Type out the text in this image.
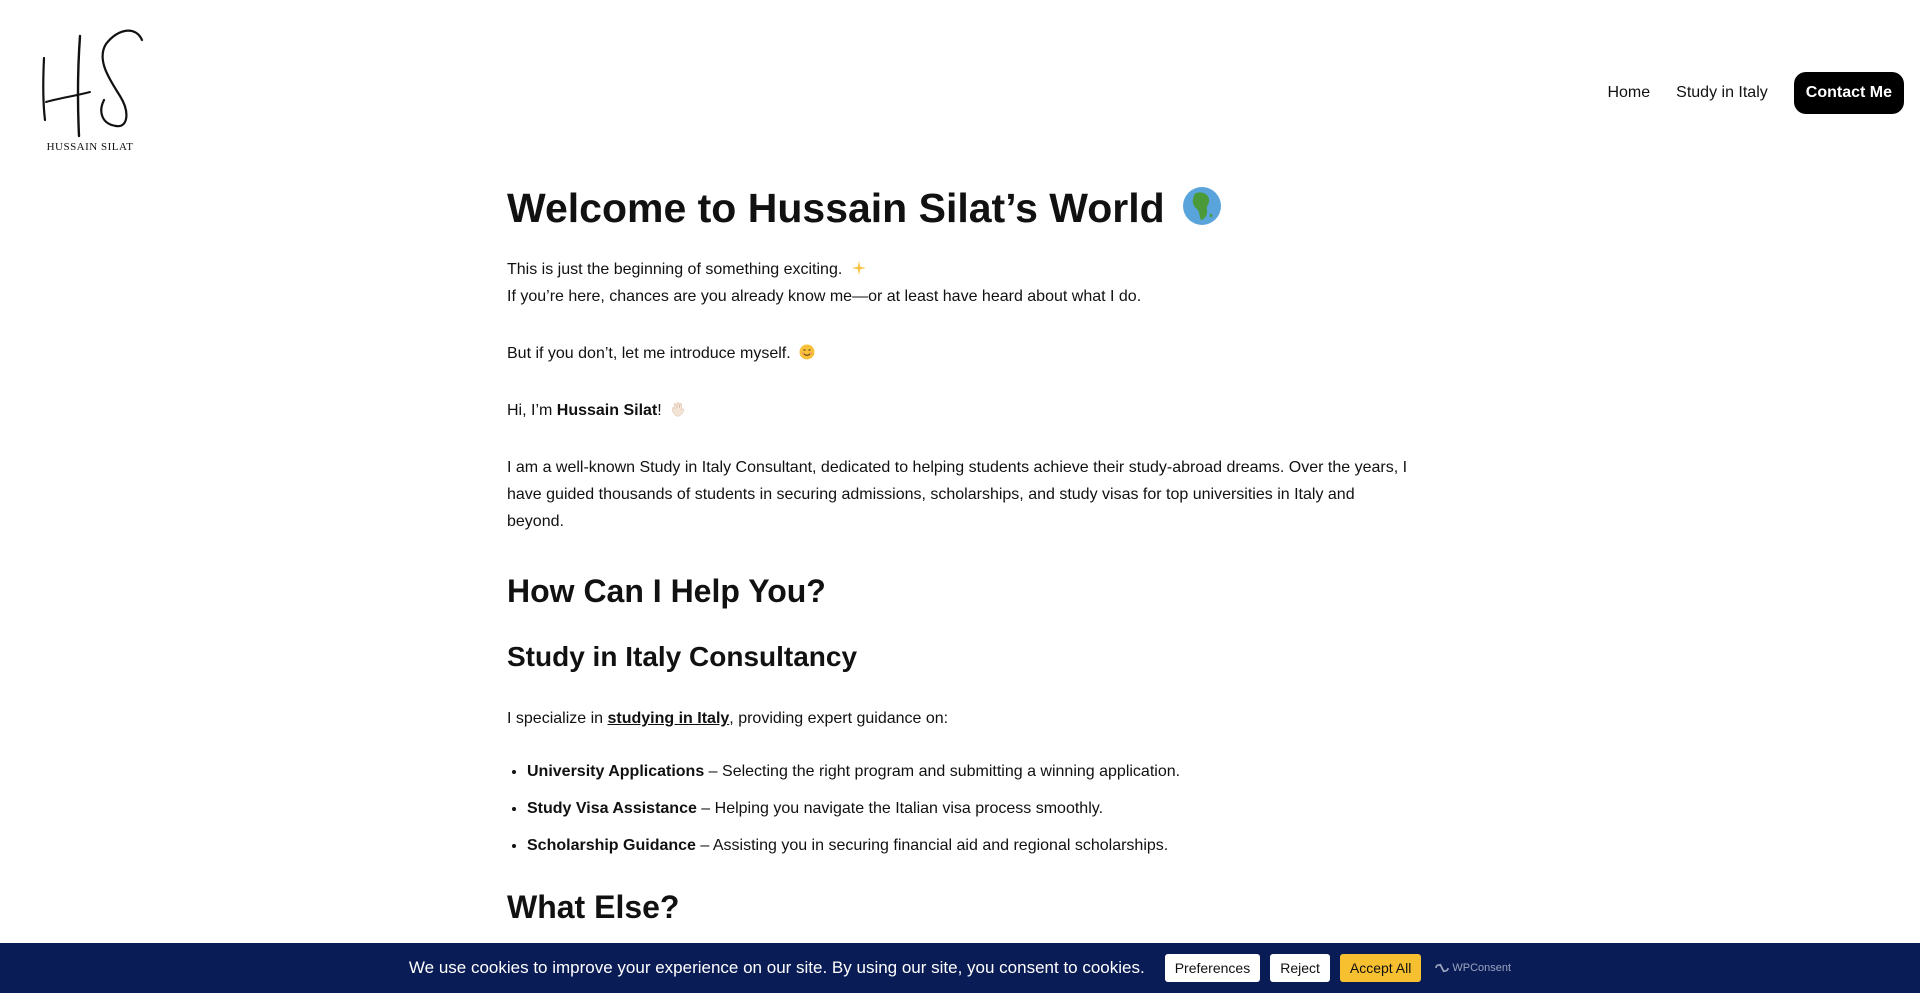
HUSSAIN SILAT
Home Study in Italy	Contact Me
Welcome to Hussain Silat’s World

This is just the beginning of something exciting.
If you’re here, chances are you already know me—or at least have heard about what I do.

But if you don’t, let me introduce myself.

Hi, I’m Hussain Silat!

I am a well-known Study in Italy Consultant, dedicated to helping students achieve their study-abroad dreams. Over the years, I have guided thousands of students in securing admissions, scholarships, and study visas for top universities in Italy and beyond.

How Can I Help You?
Study in Italy Consultancy

I specialize in studying in Italy, providing expert guidance on:

• University Applications – Selecting the right program and submitting a winning application.
• Study Visa Assistance – Helping you navigate the Italian visa process smoothly.
• Scholarship Guidance – Assisting you in securing financial aid and regional scholarships.
What Else?
We use cookies to improve your experience on our site. By using our site, you consent to cookies.	Preferences	Reject	Accept All	WPConsent
